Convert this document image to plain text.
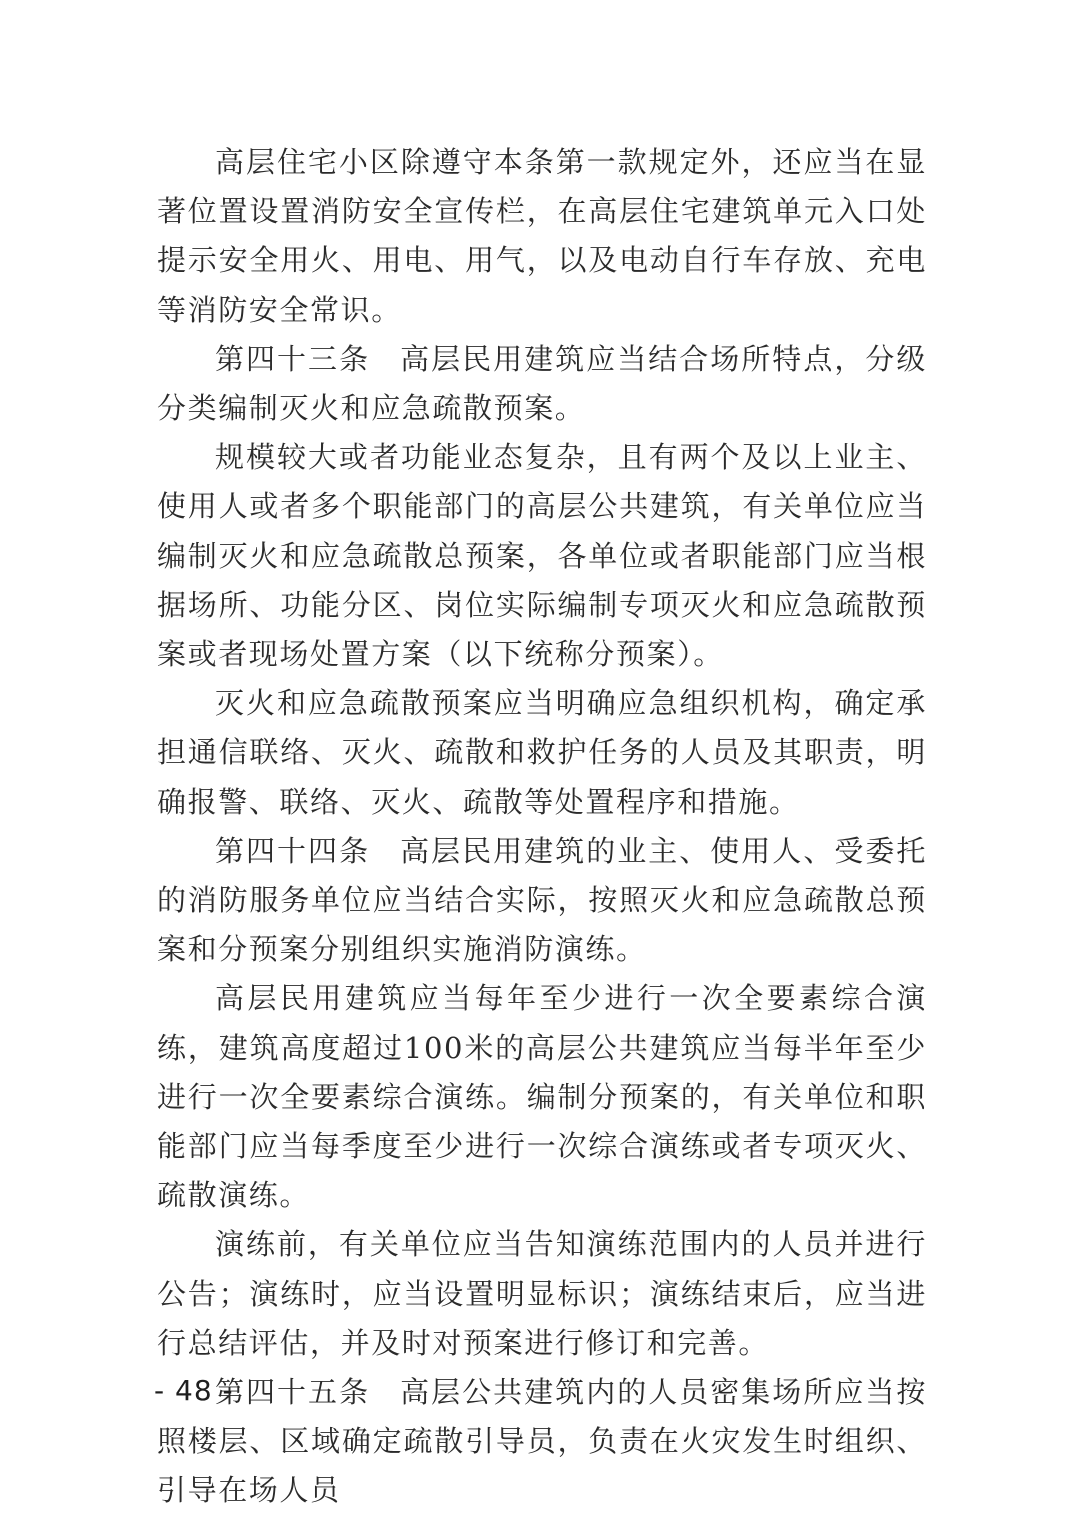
高层住宅小区除遵守本条第一款规定外，还应当在显著位置设置消防安全宣传栏，在高层住宅建筑单元入口处提示安全用火、用电、用气，以及电动自行车存放、充电等消防安全常识。

第四十三条 高层民用建筑应当结合场所特点，分级分类编制灭火和应急疏散预案。

规模较大或者功能业态复杂，且有两个及以上业主、使用人或者多个职能部门的高层公共建筑，有关单位应当编制灭火和应急疏散总预案，各单位或者职能部门应当根据场所、功能分区、岗位实际编制专项灭火和应急疏散预案或者现场处置方案（以下统称分预案）。

灭火和应急疏散预案应当明确应急组织机构，确定承担通信联络、灭火、疏散和救护任务的人员及其职责，明确报警、联络、灭火、疏散等处置程序和措施。

第四十四条 高层民用建筑的业主、使用人、受委托的消防服务单位应当结合实际，按照灭火和应急疏散总预案和分预案分别组织实施消防演练。

高层民用建筑应当每年至少进行一次全要素综合演练，建筑高度超过100米的高层公共建筑应当每半年至少进行一次全要素综合演练。编制分预案的，有关单位和职能部门应当每季度至少进行一次综合演练或者专项灭火、疏散演练。

演练前，有关单位应当告知演练范围内的人员并进行公告；演练时，应当设置明显标识；演练结束后，应当进行总结评估，并及时对预案进行修订和完善。

第四十五条 高层公共建筑内的人员密集场所应当按照楼层、区域确定疏散引导员，负责在火灾发生时组织、引导在场人员

- 48 -
